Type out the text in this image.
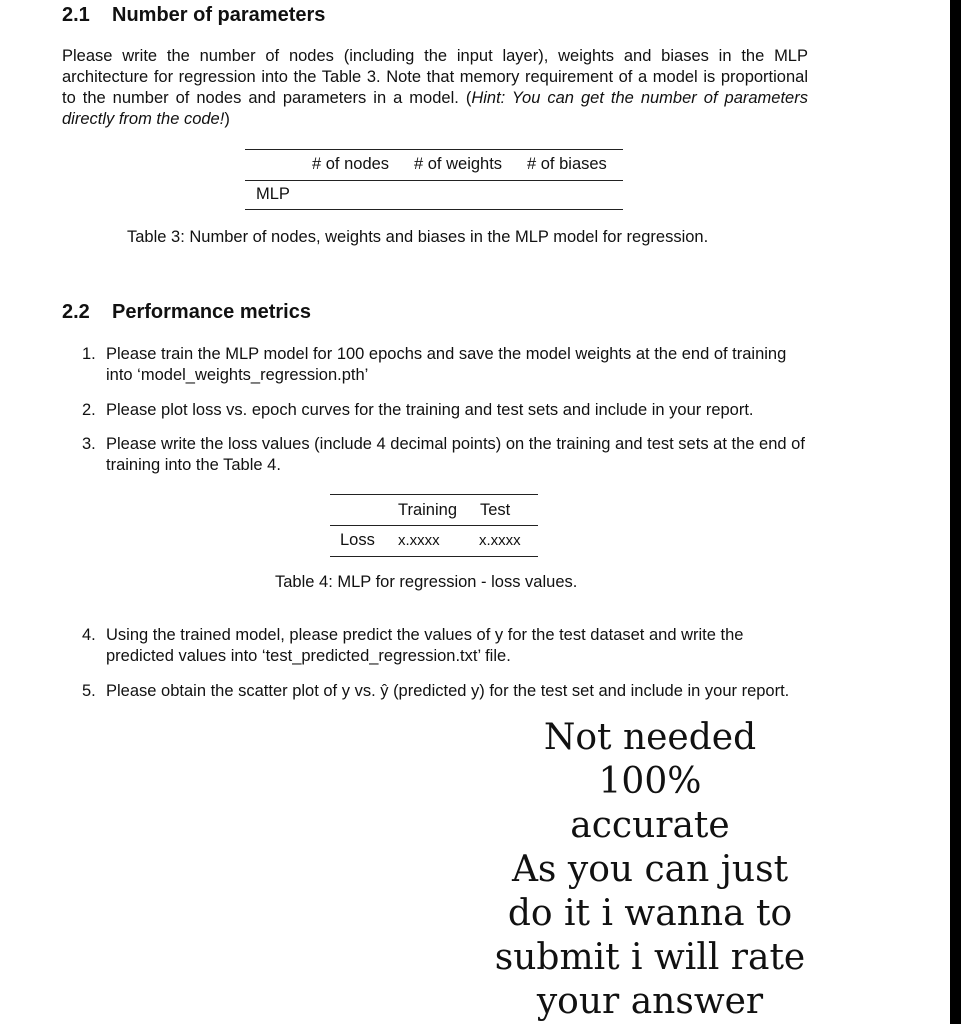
2.1 Number of parameters
Please write the number of nodes (including the input layer), weights and biases in the MLP architecture for regression into the Table 3. Note that memory requirement of a model is proportional to the number of nodes and parameters in a model. (Hint: You can get the number of parameters directly from the code!)
# of nodes # of weights # of biases
MLP
Table 3: Number of nodes, weights and biases in the MLP model for regression.
2.2 Performance metrics
1. Please train the MLP model for 100 epochs and save the model weights at the end of training into ‘model_weights_regression.pth’
2. Please plot loss vs. epoch curves for the training and test sets and include in your report.
3. Please write the loss values (include 4 decimal points) on the training and test sets at the end of training into the Table 4.
Training Test
Loss x.xxxx	x.xxxx
Table 4: MLP for regression - loss values.
4. Using the trained model, please predict the values of y for the test dataset and write the predicted values into ‘test_predicted_regression.txt’ file.
5. Please obtain the scatter plot of y vs. ŷ (predicted y) for the test set and include in your report.
Not needed 100%
accurate
As you can just
do it i wanna to
submit i will rate
your answer
